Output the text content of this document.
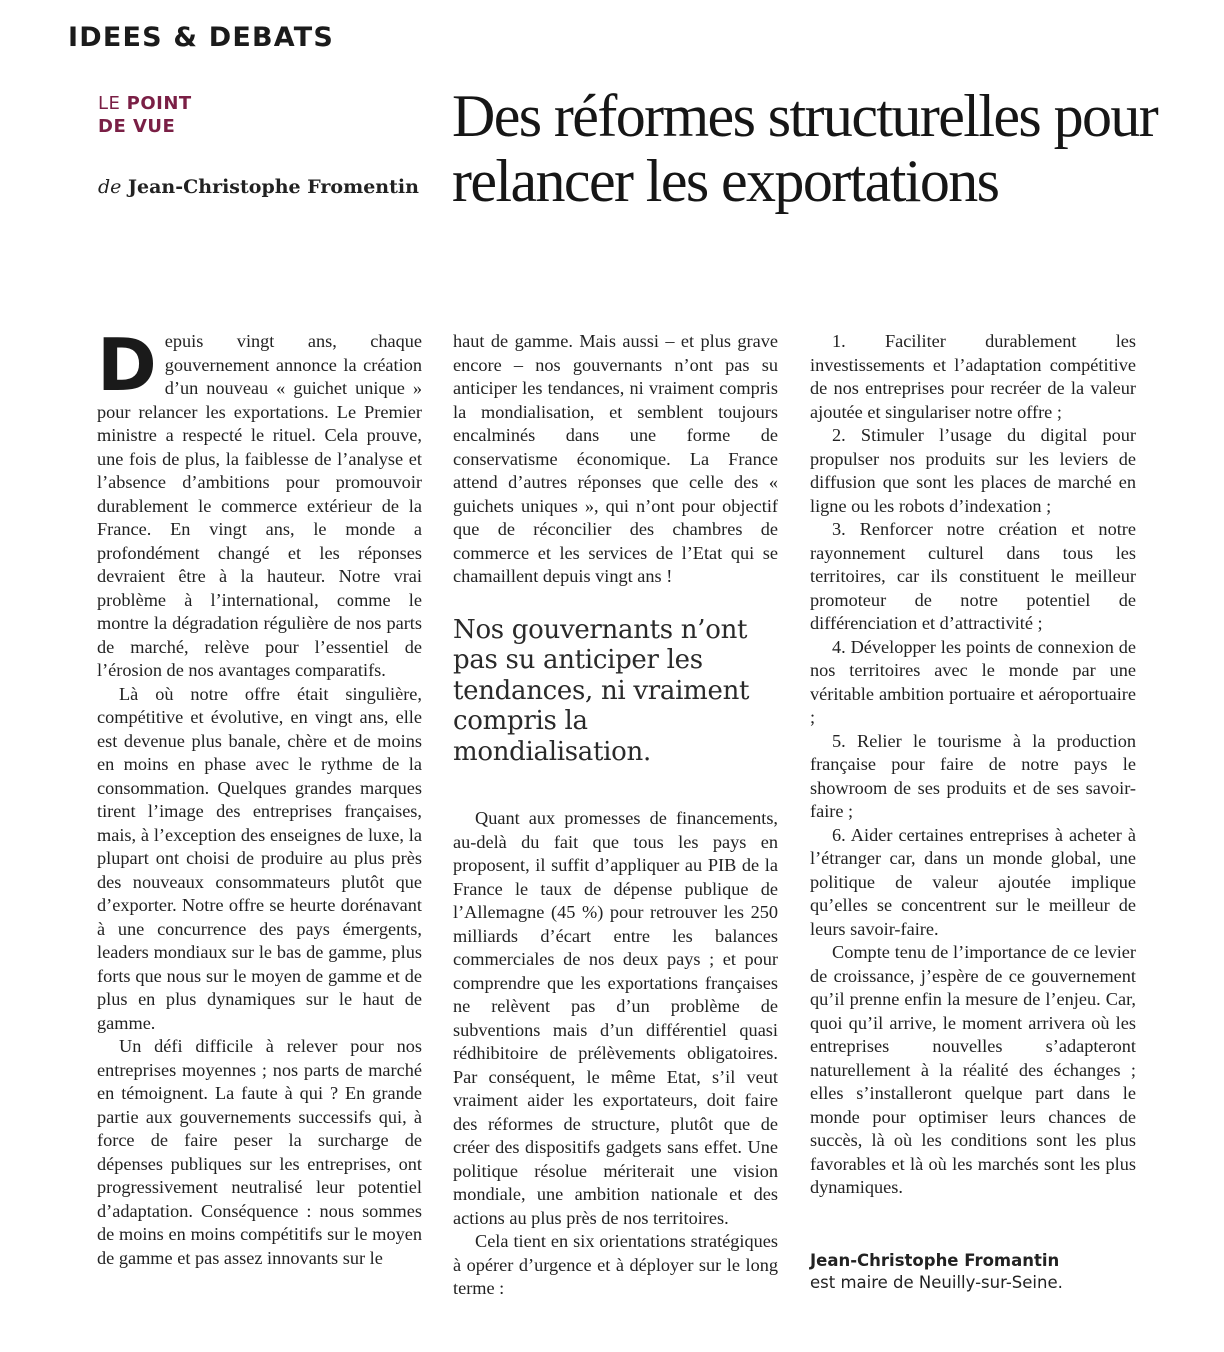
IDEES & DEBATS
LE POINT
DE VUE
de Jean-Christophe Fromentin
Des réformes structurelles pour relancer les exportations

Depuis vingt ans, chaque gouvernement annonce la création d’un nouveau « guichet unique » pour relancer les exportations. Le Premier ministre a respecté le rituel. Cela prouve, une fois de plus, la faiblesse de l’analyse et l’absence d’ambitions pour promouvoir durablement le commerce extérieur de la France. En vingt ans, le monde a profondément changé et les réponses devraient être à la hauteur. Notre vrai problème à l’international, comme le montre la dégradation régulière de nos parts de marché, relève pour l’essentiel de l’érosion de nos avantages comparatifs.

Là où notre offre était singulière, compétitive et évolutive, en vingt ans, elle est devenue plus banale, chère et de moins en moins en phase avec le rythme de la consommation. Quelques grandes marques tirent l’image des entreprises françaises, mais, à l’exception des enseignes de luxe, la plupart ont choisi de produire au plus près des nouveaux consommateurs plutôt que d’exporter. Notre offre se heurte dorénavant à une concurrence des pays émergents, leaders mondiaux sur le bas de gamme, plus forts que nous sur le moyen de gamme et de plus en plus dynamiques sur le haut de gamme.

Un défi difficile à relever pour nos entreprises moyennes ; nos parts de marché en témoignent. La faute à qui ? En grande partie aux gouvernements successifs qui, à force de faire peser la surcharge de dépenses publiques sur les entreprises, ont progressivement neutralisé leur potentiel d’adaptation. Conséquence : nous sommes de moins en moins compétitifs sur le moyen de gamme et pas assez innovants sur le

haut de gamme. Mais aussi – et plus grave encore – nos gouvernants n’ont pas su anticiper les tendances, ni vraiment compris la mondialisation, et semblent toujours encalminés dans une forme de conservatisme économique. La France attend d’autres réponses que celle des « guichets uniques », qui n’ont pour objectif que de réconcilier des chambres de commerce et les services de l’Etat qui se chamaillent depuis vingt ans !

Nos gouvernants n’ont pas su anticiper les tendances, ni vraiment compris la mondialisation.

Quant aux promesses de financements, au-delà du fait que tous les pays en proposent, il suffit d’appliquer au PIB de la France le taux de dépense publique de l’Allemagne (45 %) pour retrouver les 250 milliards d’écart entre les balances commerciales de nos deux pays ; et pour comprendre que les exportations françaises ne relèvent pas d’un problème de subventions mais d’un différentiel quasi rédhibitoire de prélèvements obligatoires. Par conséquent, le même Etat, s’il veut vraiment aider les exportateurs, doit faire des réformes de structure, plutôt que de créer des dispositifs gadgets sans effet. Une politique résolue mériterait une vision mondiale, une ambition nationale et des actions au plus près de nos territoires.

Cela tient en six orientations stratégiques à opérer d’urgence et à déployer sur le long terme :

1. Faciliter durablement les investissements et l’adaptation compétitive de nos entreprises pour recréer de la valeur ajoutée et singulariser notre offre ;

2. Stimuler l’usage du digital pour propulser nos produits sur les leviers de diffusion que sont les places de marché en ligne ou les robots d’indexation ;

3. Renforcer notre création et notre rayonnement culturel dans tous les territoires, car ils constituent le meilleur promoteur de notre potentiel de différenciation et d’attractivité ;

4. Développer les points de connexion de nos territoires avec le monde par une véritable ambition portuaire et aéroportuaire ;

5. Relier le tourisme à la production française pour faire de notre pays le showroom de ses produits et de ses savoir-faire ;

6. Aider certaines entreprises à acheter à l’étranger car, dans un monde global, une politique de valeur ajoutée implique qu’elles se concentrent sur le meilleur de leurs savoir-faire.

Compte tenu de l’importance de ce levier de croissance, j’espère de ce gouvernement qu’il prenne enfin la mesure de l’enjeu. Car, quoi qu’il arrive, le moment arrivera où les entreprises nouvelles s’adapteront naturellement à la réalité des échanges ; elles s’installeront quelque part dans le monde pour optimiser leurs chances de succès, là où les conditions sont les plus favorables et là où les marchés sont les plus dynamiques.

Jean-Christophe Fromantin
est maire de Neuilly-sur-Seine.
